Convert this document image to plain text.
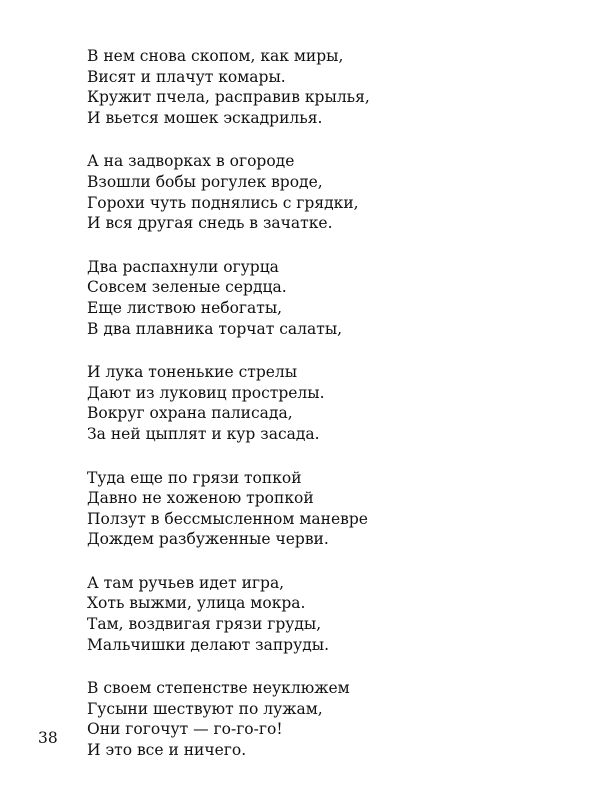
В нем снова скопом, как миры,
Висят и плачут комары.
Кружит пчела, расправив крылья,
И вьется мошек эскадрилья.
А на задворках в огороде
Взошли бобы рогулек вроде,
Горохи чуть поднялись с грядки,
И вся другая снедь в зачатке.
Два распахнули огурца
Совсем зеленые сердца.
Еще листвою небогаты,
В два плавника торчат салаты,
И лука тоненькие стрелы
Дают из луковиц прострелы.
Вокруг охрана палисада,
За ней цыплят и кур засада.
Туда еще по грязи топкой
Давно не хоженою тропкой
Ползут в бессмысленном маневре
Дождем разбуженные черви.
А там ручьев идет игра,
Хоть выжми, улица мокра.
Там, воздвигая грязи груды,
Мальчишки делают запруды.
В своем степенстве неуклюжем
Гусыни шествуют по лужам,
Они гогочут — го-го-го!
И это все и ничего.
38
